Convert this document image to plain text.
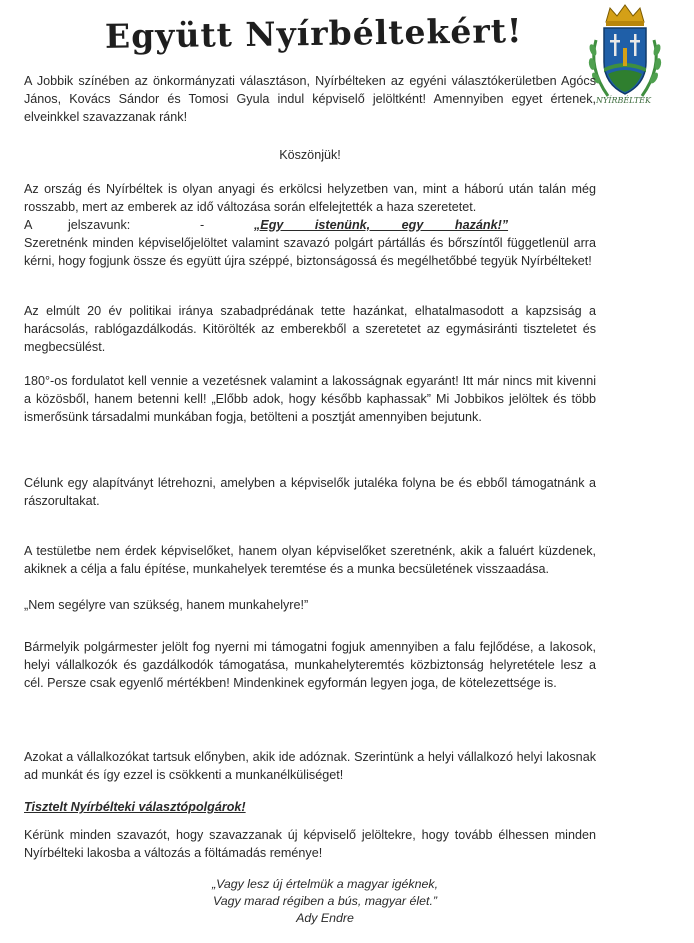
Együtt Nyírbéltekért!
NYÍRBÉLTEK
A Jobbik színében az önkormányzati választáson, Nyírbélteken az egyéni választókerületben Agócs János, Kovács Sándor és Tomosi Gyula indul képviselő jelöltként! Amennyiben egyet értenek, elveinkkel szavazzanak ránk!
Köszönjük!
Az ország és Nyírbéltek is olyan anyagi és erkölcsi helyzetben van, mint a háború után talán még rosszabb, mert az emberek az idő változása során elfelejtették a haza szeretetet.
A	jelszavunk:	-	„Egy istenünk, egy hazánk!”
Szeretnénk minden képviselőjelöltet valamint szavazó polgárt pártállás és bőrszíntől függetlenül arra kérni, hogy fogjunk össze és együtt újra széppé, biztonságossá és megélhetőbbé tegyük Nyírbélteket!
Az elmúlt 20 év politikai iránya szabadprédának tette hazánkat, elhatalmasodott a kapzsiság a harácsolás, rablógazdálkodás. Kitörölték az emberekből a szeretetet az egymásiránti tiszteletet és megbecsülést.
180°-os fordulatot kell vennie a vezetésnek valamint a lakosságnak egyaránt! Itt már nincs mit kivenni a közösből, hanem betenni kell! „Előbb adok, hogy később kaphassak” Mi Jobbikos jelöltek és több ismerősünk társadalmi munkában fogja, betölteni a posztját amennyiben bejutunk.
Célunk egy alapítványt létrehozni, amelyben a képviselők jutaléka folyna be és ebből támogatnánk a rászorultakat.
A testületbe nem érdek képviselőket, hanem olyan képviselőket szeretnénk, akik a faluért küzdenek, akiknek a célja a falu építése, munkahelyek teremtése és a munka becsületének visszaadása.
„Nem segélyre van szükség, hanem munkahelyre!”
Bármelyik polgármester jelölt fog nyerni mi támogatni fogjuk amennyiben a falu fejlődése, a lakosok, helyi vállalkozók és gazdálkodók támogatása, munkahelyteremtés közbiztonság helyretétele lesz a cél. Persze csak egyenlő mértékben! Mindenkinek egyformán legyen joga, de kötelezettsége is.
Azokat a vállalkozókat tartsuk előnyben, akik ide adóznak. Szerintünk a helyi vállalkozó helyi lakosnak ad munkát és így ezzel is csökkenti a munkanélküliséget!
Tisztelt Nyírbélteki választópolgárok!
Kérünk minden szavazót, hogy szavazzanak új képviselő jelöltekre, hogy tovább élhessen minden Nyírbélteki lakosba a változás a föltámadás reménye!
„Vagy lesz új értelmük a magyar igéknek,
Vagy marad régiben a bús, magyar élet.”
Ady Endre
